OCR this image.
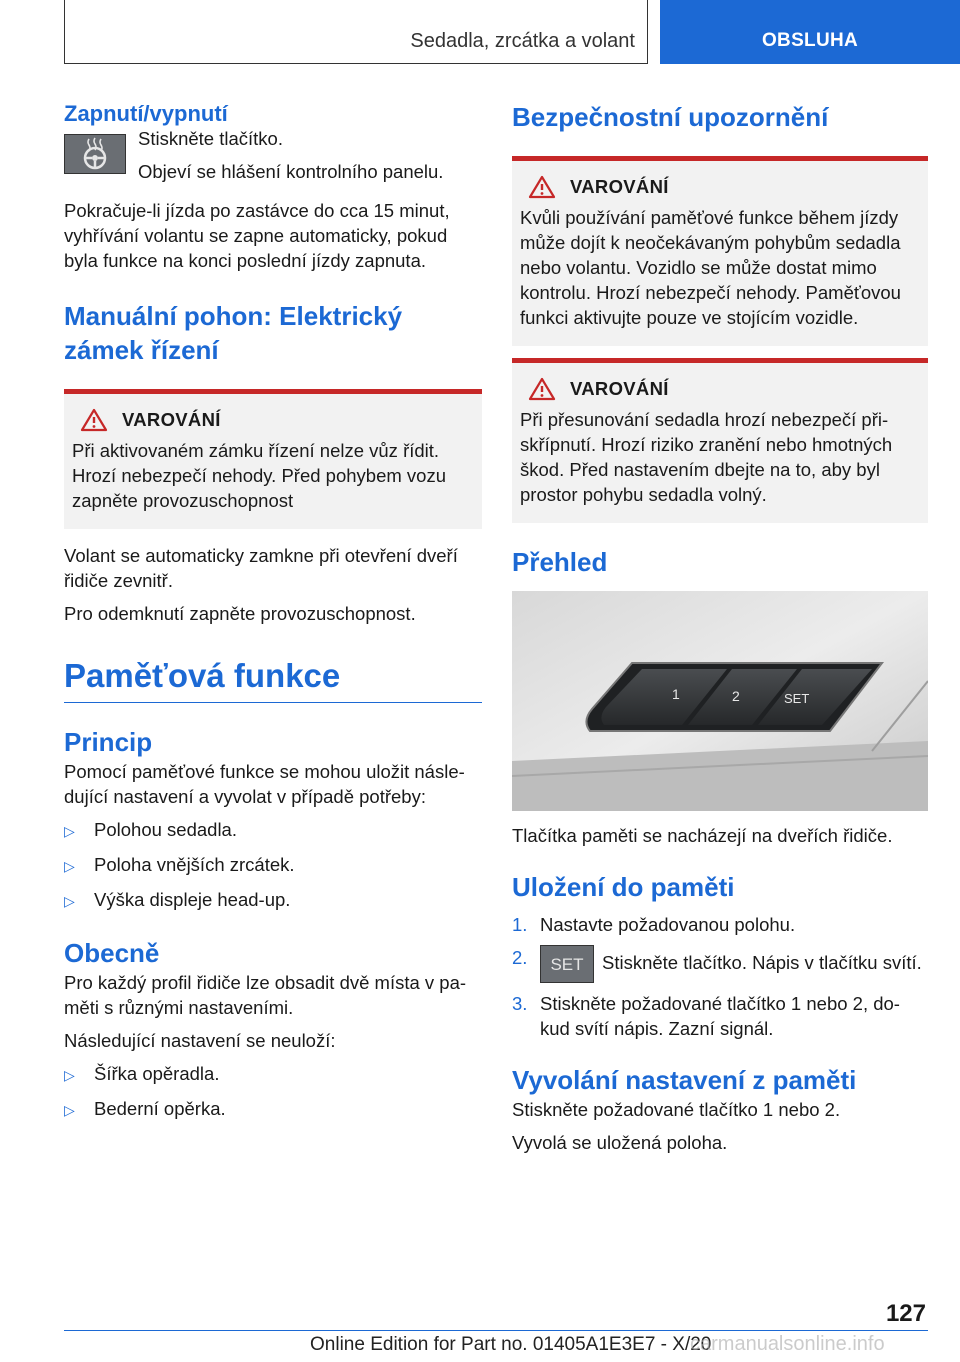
Sedadla, zrcátka a volant	OBSLUHA
Zapnutí/vypnutí

Stiskněte tlačítko.

Objeví se hlášení kontrolního panelu.

Pokračuje-li jízda po zastávce do cca 15 minut, vyhřívání volantu se zapne automaticky, pokud byla funkce na konci poslední jízdy zapnuta.

Manuální pohon: Elektrický
zámek řízení
VAROVÁNÍ

Při aktivovaném zámku řízení nelze vůz řídit. Hrozí nebezpečí nehody. Před pohybem vozu zapněte provozuschopnost

Volant se automaticky zamkne při otevření dveří řidiče zevnitř.

Pro odemknutí zapněte provozuschopnost.

Paměťová funkce
Princip

Pomocí paměťové funkce se mohou uložit násle-dující nastavení a vyvolat v případě potřeby:

▷	Polohou sedadla.
▷	Poloha vnějších zrcátek.
▷	Výška displeje head-up.
Obecně

Pro každý profil řidiče lze obsadit dvě místa v pa-měti s různými nastaveními.

Následující nastavení se neuloží:

▷	Šířka opěradla.
▷	Bederní opěrka.
Bezpečnostní upozornění
VAROVÁNÍ

Kvůli používání paměťové funkce během jízdy může dojít k neočekávaným pohybům sedadla nebo volantu. Vozidlo se může dostat mimo kontrolu. Hrozí nebezpečí nehody. Paměťovou funkci aktivujte pouze ve stojícím vozidle.

VAROVÁNÍ

Při přesunování sedadla hrozí nebezpečí při-skřípnutí. Hrozí riziko zranění nebo hmotných škod. Před nastavením dbejte na to, aby byl prostor pohybu sedadla volný.

Přehled
1	2	SET

Tlačítka paměti se nacházejí na dveřích řidiče.

Uložení do paměti
1. Nastavte požadovanou polohu.
2.	SET Stiskněte tlačítko. Nápis v tlačítku svítí.
3. Stiskněte požadované tlačítko 1 nebo 2, do-kud svítí nápis. Zazní signál.
Vyvolání nastavení z paměti

Stiskněte požadované tlačítko 1 nebo 2.

Vyvolá se uložená poloha.

127
Online Edition for Part no. 01405A1E3E7 - X/20
carmanualsonline.info
